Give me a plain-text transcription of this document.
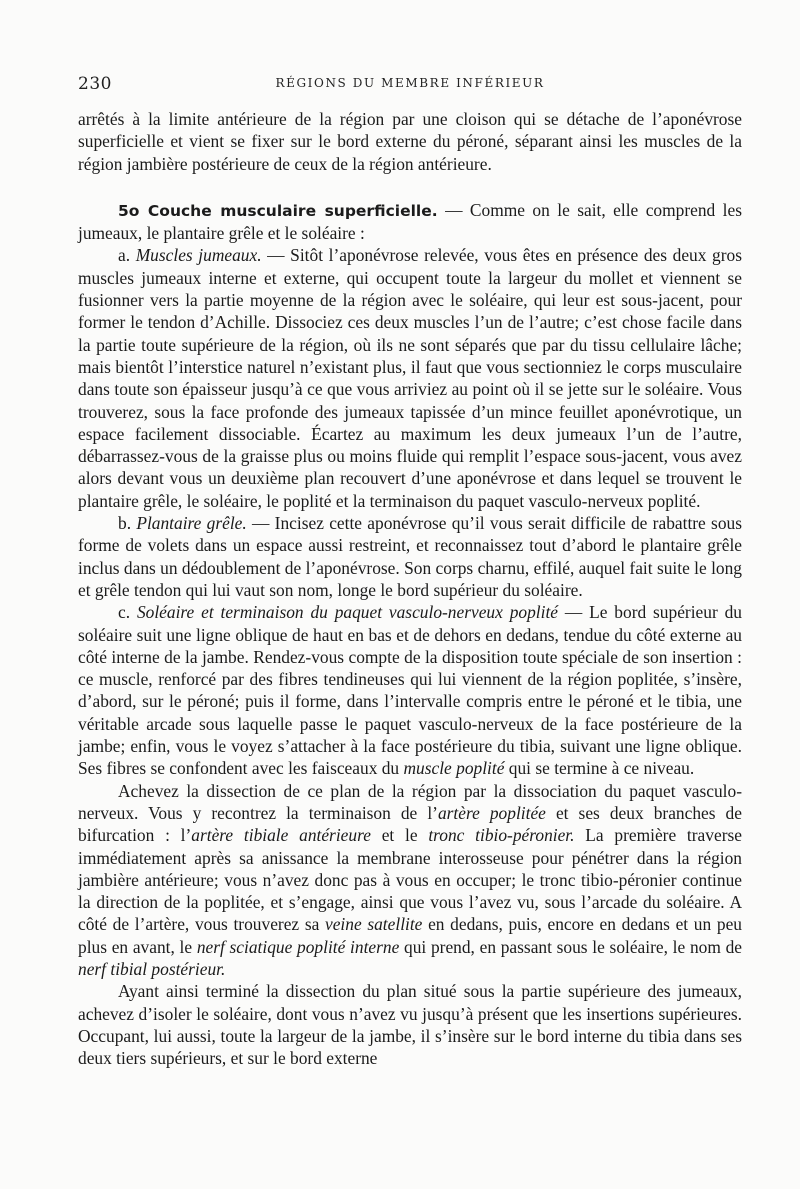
230	RÉGIONS DU MEMBRE INFÉRIEUR

arrêtés à la limite antérieure de la région par une cloison qui se détache de l’aponévrose superficielle et vient se fixer sur le bord externe du péroné, séparant ainsi les muscles de la région jambière postérieure de ceux de la région antérieure.

5o Couche musculaire superficielle. — Comme on le sait, elle comprend les jumeaux, le plantaire grêle et le soléaire :

a. Muscles jumeaux. — Sitôt l’aponévrose relevée, vous êtes en présence des deux gros muscles jumeaux interne et externe, qui occupent toute la largeur du mollet et viennent se fusionner vers la partie moyenne de la région avec le soléaire, qui leur est sous-jacent, pour former le tendon d’Achille. Dissociez ces deux muscles l’un de l’autre; c’est chose facile dans la partie toute supérieure de la région, où ils ne sont séparés que par du tissu cellulaire lâche; mais bientôt l’interstice naturel n’existant plus, il faut que vous sectionniez le corps musculaire dans toute son épaisseur jusqu’à ce que vous arriviez au point où il se jette sur le soléaire. Vous trouverez, sous la face profonde des jumeaux tapissée d’un mince feuillet aponévrotique, un espace facilement dissociable. Écartez au maximum les deux jumeaux l’un de l’autre, débarrassez-vous de la graisse plus ou moins fluide qui remplit l’espace sous-jacent, vous avez alors devant vous un deuxième plan recouvert d’une aponévrose et dans lequel se trouvent le plantaire grêle, le soléaire, le poplité et la terminaison du paquet vasculo-nerveux poplité.

b. Plantaire grêle. — Incisez cette aponévrose qu’il vous serait difficile de rabattre sous forme de volets dans un espace aussi restreint, et reconnaissez tout d’abord le plantaire grêle inclus dans un dédoublement de l’aponévrose. Son corps charnu, effilé, auquel fait suite le long et grêle tendon qui lui vaut son nom, longe le bord supérieur du soléaire.

c. Soléaire et terminaison du paquet vasculo-nerveux poplité — Le bord supérieur du soléaire suit une ligne oblique de haut en bas et de dehors en dedans, tendue du côté externe au côté interne de la jambe. Rendez-vous compte de la disposition toute spéciale de son insertion : ce muscle, renforcé par des fibres tendineuses qui lui viennent de la région poplitée, s’insère, d’abord, sur le péroné; puis il forme, dans l’intervalle compris entre le péroné et le tibia, une véritable arcade sous laquelle passe le paquet vasculo-nerveux de la face postérieure de la jambe; enfin, vous le voyez s’attacher à la face postérieure du tibia, suivant une ligne oblique. Ses fibres se confondent avec les faisceaux du muscle poplité qui se termine à ce niveau.

Achevez la dissection de ce plan de la région par la dissociation du paquet vasculo-nerveux. Vous y recontrez la terminaison de l’artère poplitée et ses deux branches de bifurcation : l’artère tibiale antérieure et le tronc tibio-péronier. La première traverse immédiatement après sa anissance la membrane interosseuse pour pénétrer dans la région jambière antérieure; vous n’avez donc pas à vous en occuper; le tronc tibio-péronier continue la direction de la poplitée, et s’engage, ainsi que vous l’avez vu, sous l’arcade du soléaire. A côté de l’artère, vous trouverez sa veine satellite en dedans, puis, encore en dedans et un peu plus en avant, le nerf sciatique poplité interne qui prend, en passant sous le soléaire, le nom de nerf tibial postérieur.

Ayant ainsi terminé la dissection du plan situé sous la partie supérieure des jumeaux, achevez d’isoler le soléaire, dont vous n’avez vu jusqu’à présent que les insertions supérieures. Occupant, lui aussi, toute la largeur de la jambe, il s’insère sur le bord interne du tibia dans ses deux tiers supérieurs, et sur le bord externe
